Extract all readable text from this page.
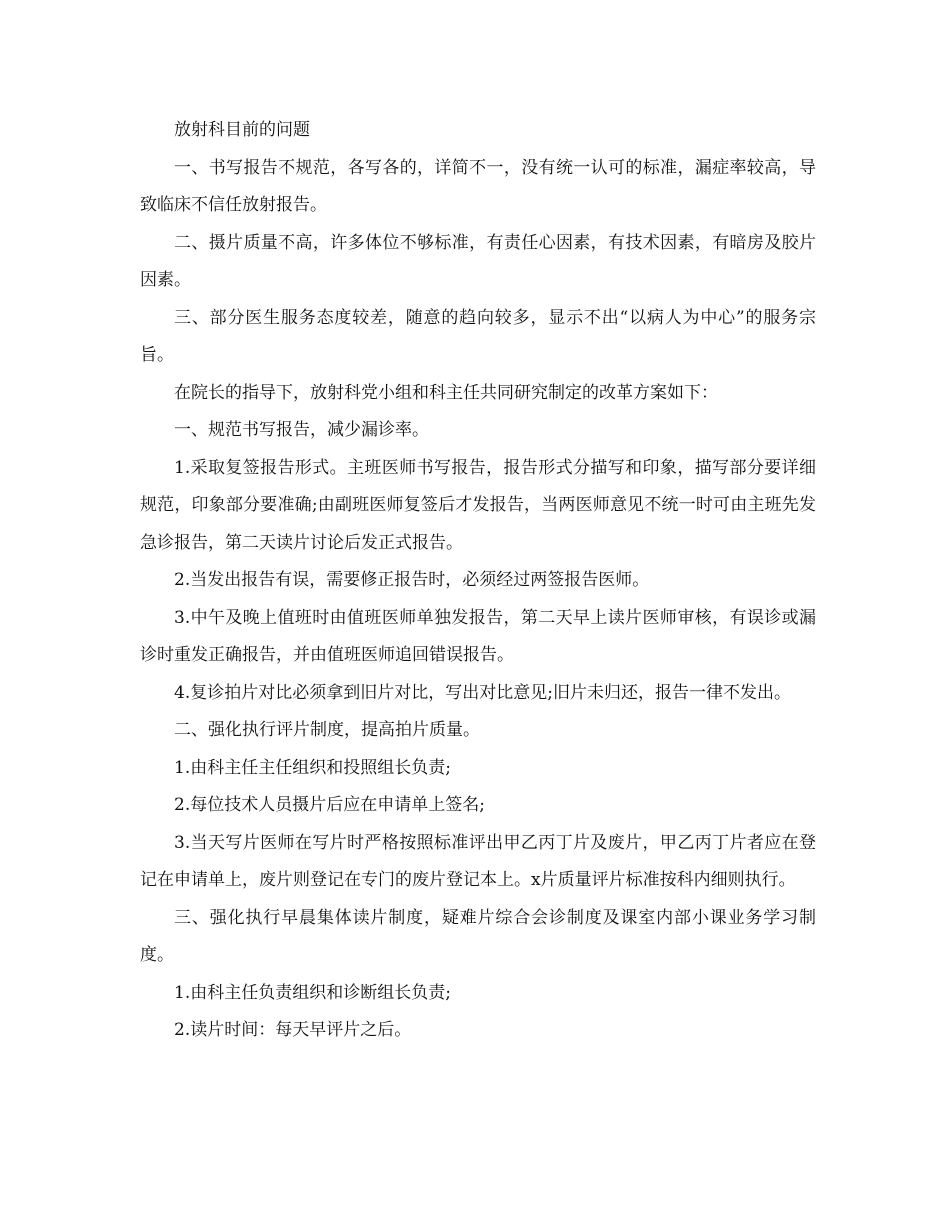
放射科目前的问题

一、书写报告不规范，各写各的，详简不一，没有统一认可的标准，漏症率较高，导致临床不信任放射报告。

二、摄片质量不高，许多体位不够标准，有责任心因素，有技术因素，有暗房及胶片因素。

三、部分医生服务态度较差，随意的趋向较多，显示不出“以病人为中心”的服务宗旨。

在院长的指导下，放射科党小组和科主任共同研究制定的改革方案如下：

一、规范书写报告，减少漏诊率。

1.采取复签报告形式。主班医师书写报告，报告形式分描写和印象，描写部分要详细规范，印象部分要准确;由副班医师复签后才发报告，当两医师意见不统一时可由主班先发急诊报告，第二天读片讨论后发正式报告。

2.当发出报告有误，需要修正报告时，必须经过两签报告医师。

3.中午及晚上值班时由值班医师单独发报告，第二天早上读片医师审核，有误诊或漏诊时重发正确报告，并由值班医师追回错误报告。

4.复诊拍片对比必须拿到旧片对比，写出对比意见;旧片未归还，报告一律不发出。

二、强化执行评片制度，提高拍片质量。

1.由科主任主任组织和投照组长负责;

2.每位技术人员摄片后应在申请单上签名;

3.当天写片医师在写片时严格按照标准评出甲乙丙丁片及废片，甲乙丙丁片者应在登记在申请单上，废片则登记在专门的废片登记本上。x片质量评片标准按科内细则执行。

三、强化执行早晨集体读片制度，疑难片综合会诊制度及课室内部小课业务学习制度。

1.由科主任负责组织和诊断组长负责;

2.读片时间：每天早评片之后。
